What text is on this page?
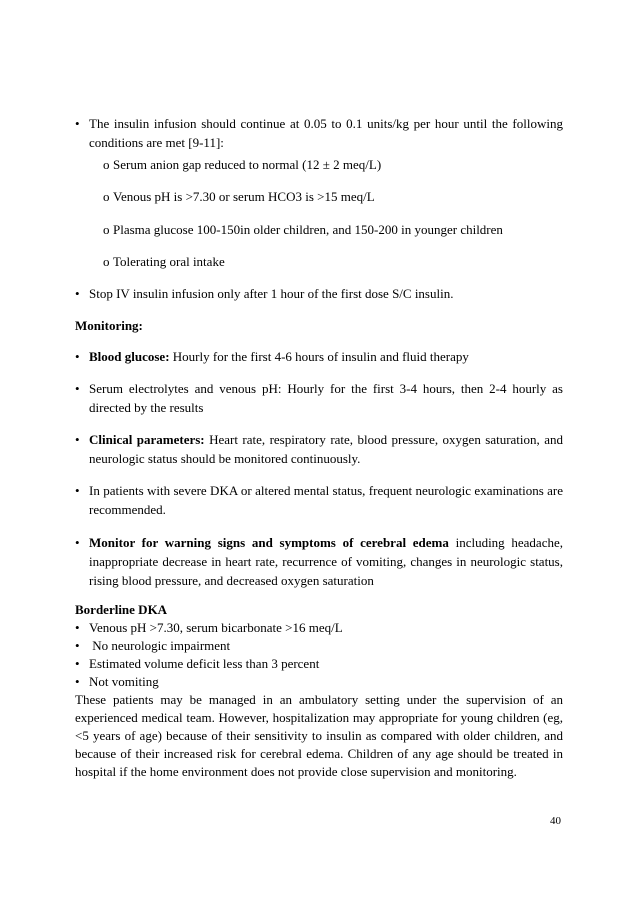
• The insulin infusion should continue at 0.05 to 0.1 units/kg per hour until the following conditions are met [9-11]:

o Serum anion gap reduced to normal (12 ± 2 meq/L)
o Venous pH is >7.30 or serum HCO3 is >15 meq/L
o Plasma glucose 100-150in older children, and 150-200 in younger children
o Tolerating oral intake
• Stop IV insulin infusion only after 1 hour of the first dose S/C insulin.

Monitoring:
• Blood glucose: Hourly for the first 4-6 hours of insulin and fluid therapy

• Serum electrolytes and venous pH: Hourly for the first 3-4 hours, then 2-4 hourly as directed by the results

• Clinical parameters: Heart rate, respiratory rate, blood pressure, oxygen saturation, and neurologic status should be monitored continuously.

• In patients with severe DKA or altered mental status, frequent neurologic examinations are recommended.

• Monitor for warning signs and symptoms of cerebral edema including headache, inappropriate decrease in heart rate, recurrence of vomiting, changes in neurologic status, rising blood pressure, and decreased oxygen saturation

Borderline DKA
• Venous pH >7.30, serum bicarbonate >16 meq/L
• No neurologic impairment
• Estimated volume deficit less than 3 percent
• Not vomiting

These patients may be managed in an ambulatory setting under the supervision of an experienced medical team. However, hospitalization may appropriate for young children (eg, <5 years of age) because of their sensitivity to insulin as compared with older children, and because of their increased risk for cerebral edema. Children of any age should be treated in hospital if the home environment does not provide close supervision and monitoring.

40
